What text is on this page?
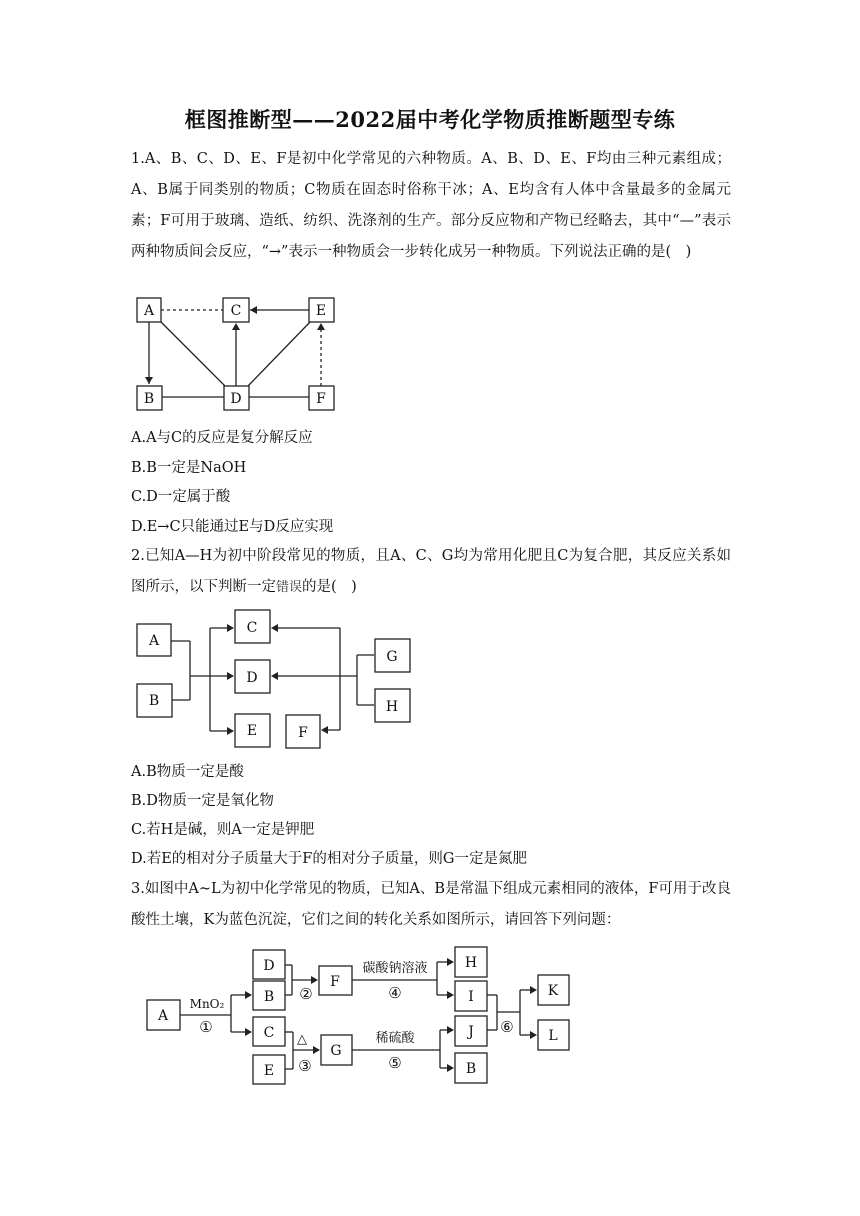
框图推断型——2022届中考化学物质推断题型专练
1.A、B、C、D、E、F是初中化学常见的六种物质。A、B、D、E、F均由三种元素组成；A、B属于同类别的物质；C物质在固态时俗称干冰；A、E均含有人体中含量最多的金属元素；F可用于玻璃、造纸、纺织、洗涤剂的生产。部分反应物和产物已经略去，其中“—”表示两种物质间会反应，“→”表示一种物质会一步转化成另一种物质。下列说法正确的是(　)
A	C	E
B	D	F
A.A与C的反应是复分解反应
B.B一定是NaOH
C.D一定属于酸
D.E→C只能通过E与D反应实现
2.已知A—H为初中阶段常见的物质，且A、C、G均为常用化肥且C为复合肥，其反应关系如图所示，以下判断一定错误的是(　)
A
B
C
D
E	F
G
H
A.B物质一定是酸
B.D物质一定是氧化物
C.若H是碱，则A一定是钾肥
D.若E的相对分子质量大于F的相对分子质量，则G一定是氮肥
3.如图中A~L为初中化学常见的物质，已知A、B是常温下组成元素相同的液体，F可用于改良酸性土壤，K为蓝色沉淀，它们之间的转化关系如图所示，请回答下列问题：
A
D
B
C
E
F
G
H
I
J
B
K
L
MnO₂
①
②
△
③
碳酸钠溶液
④
稀硫酸
⑤
⑥
